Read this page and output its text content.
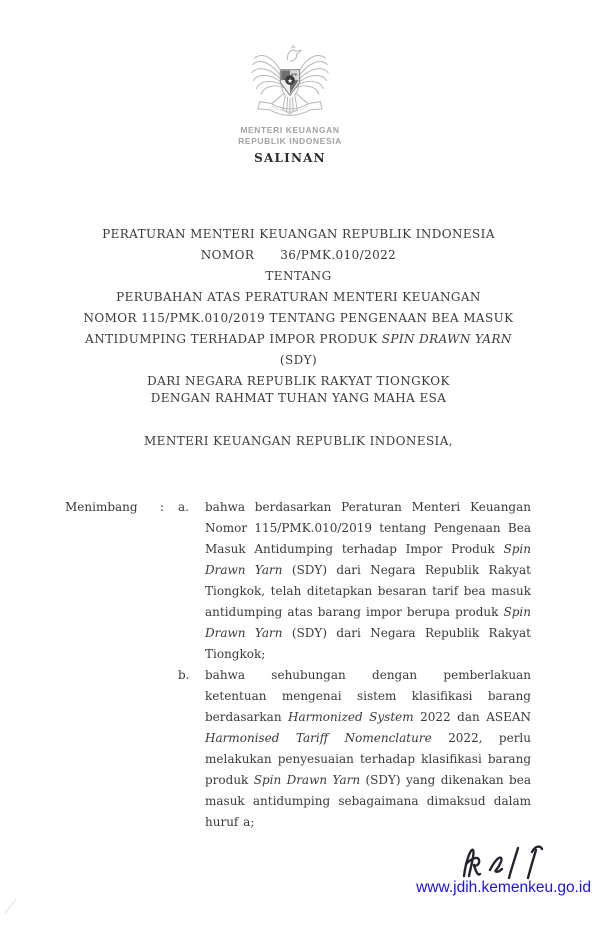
★
MENTERI KEUANGAN
REPUBLIK INDONESIA
SALINAN
PERATURAN MENTERI KEUANGAN REPUBLIK INDONESIA
NOMOR 36/PMK.010/2022
TENTANG
PERUBAHAN ATAS PERATURAN MENTERI KEUANGAN
NOMOR 115/PMK.010/2019 TENTANG PENGENAAN BEA MASUK
ANTIDUMPING TERHADAP IMPOR PRODUK SPIN DRAWN YARN (SDY)
DARI NEGARA REPUBLIK RAKYAT TIONGKOK
DENGAN RAHMAT TUHAN YANG MAHA ESA
MENTERI KEUANGAN REPUBLIK INDONESIA,
Menimbang	:	a.	bahwa berdasarkan Peraturan Menteri Keuangan Nomor 115/PMK.010/2019 tentang Pengenaan Bea Masuk Antidumping terhadap Impor Produk Spin Drawn Yarn (SDY) dari Negara Republik Rakyat Tiongkok, telah ditetapkan besaran tarif bea masuk antidumping atas barang impor berupa produk Spin Drawn Yarn (SDY) dari Negara Republik Rakyat Tiongkok;
b.	bahwa sehubungan dengan pemberlakuan ketentuan mengenai sistem klasifikasi barang berdasarkan Harmonized System 2022 dan ASEAN Harmonised Tariff Nomenclature 2022, perlu melakukan penyesuaian terhadap klasifikasi barang produk Spin Drawn Yarn (SDY) yang dikenakan bea masuk antidumping sebagaimana dimaksud dalam huruf a;
www.jdih.kemenkeu.go.id
